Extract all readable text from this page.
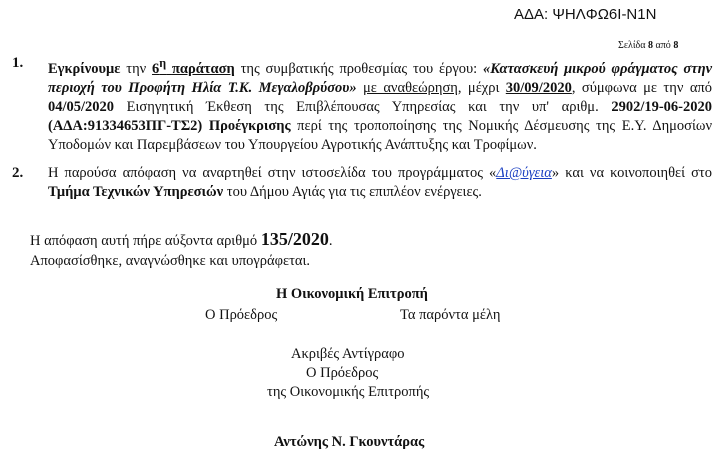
ΑΔΑ: ΨΗΛΦΩ6Ι-Ν1Ν
Σελίδα 8 από 8
1. Εγκρίνουμε την $6^\eta$ παράταση της συμβατικής προθεσμίας του έργου: «Κατασκευή μικρού φράγματος στην περιοχή του Προφήτη Ηλία Τ.Κ. Μεγαλοβρύσου» με αναθεώρηση, μέχρι 30/09/2020, σύμφωνα με την από 04/05/2020 Εισηγητική Έκθεση της Επιβλέπουσας Υπηρεσίας και την υπ' αριθμ. 2902/19-06-2020 (ΑΔΑ:91334653ΠΓ-ΤΣ2) Προέγκρισης περί της τροποποίησης της Νομικής Δέσμευσης της Ε.Υ. Δημοσίων Υποδομών και Παρεμβάσεων του Υπουργείου Αγροτικής Ανάπτυξης και Τροφίμων.
2. Η παρούσα απόφαση να αναρτηθεί στην ιστοσελίδα του προγράμματος «Δι@ύγεια» και να κοινοποιηθεί στο Τμήμα Τεχνικών Υπηρεσιών του Δήμου Αγιάς για τις επιπλέον ενέργειες.
Η απόφαση αυτή πήρε αύξοντα αριθμό 135/2020.
Αποφασίσθηκε, αναγνώσθηκε και υπογράφεται.
Η Οικονομική Επιτροπή
Ο Πρόεδρος	Τα παρόντα μέλη
Ακριβές Αντίγραφο
Ο Πρόεδρος
της Οικονομικής Επιτροπής
Αντώνης Ν. Γκουντάρας
